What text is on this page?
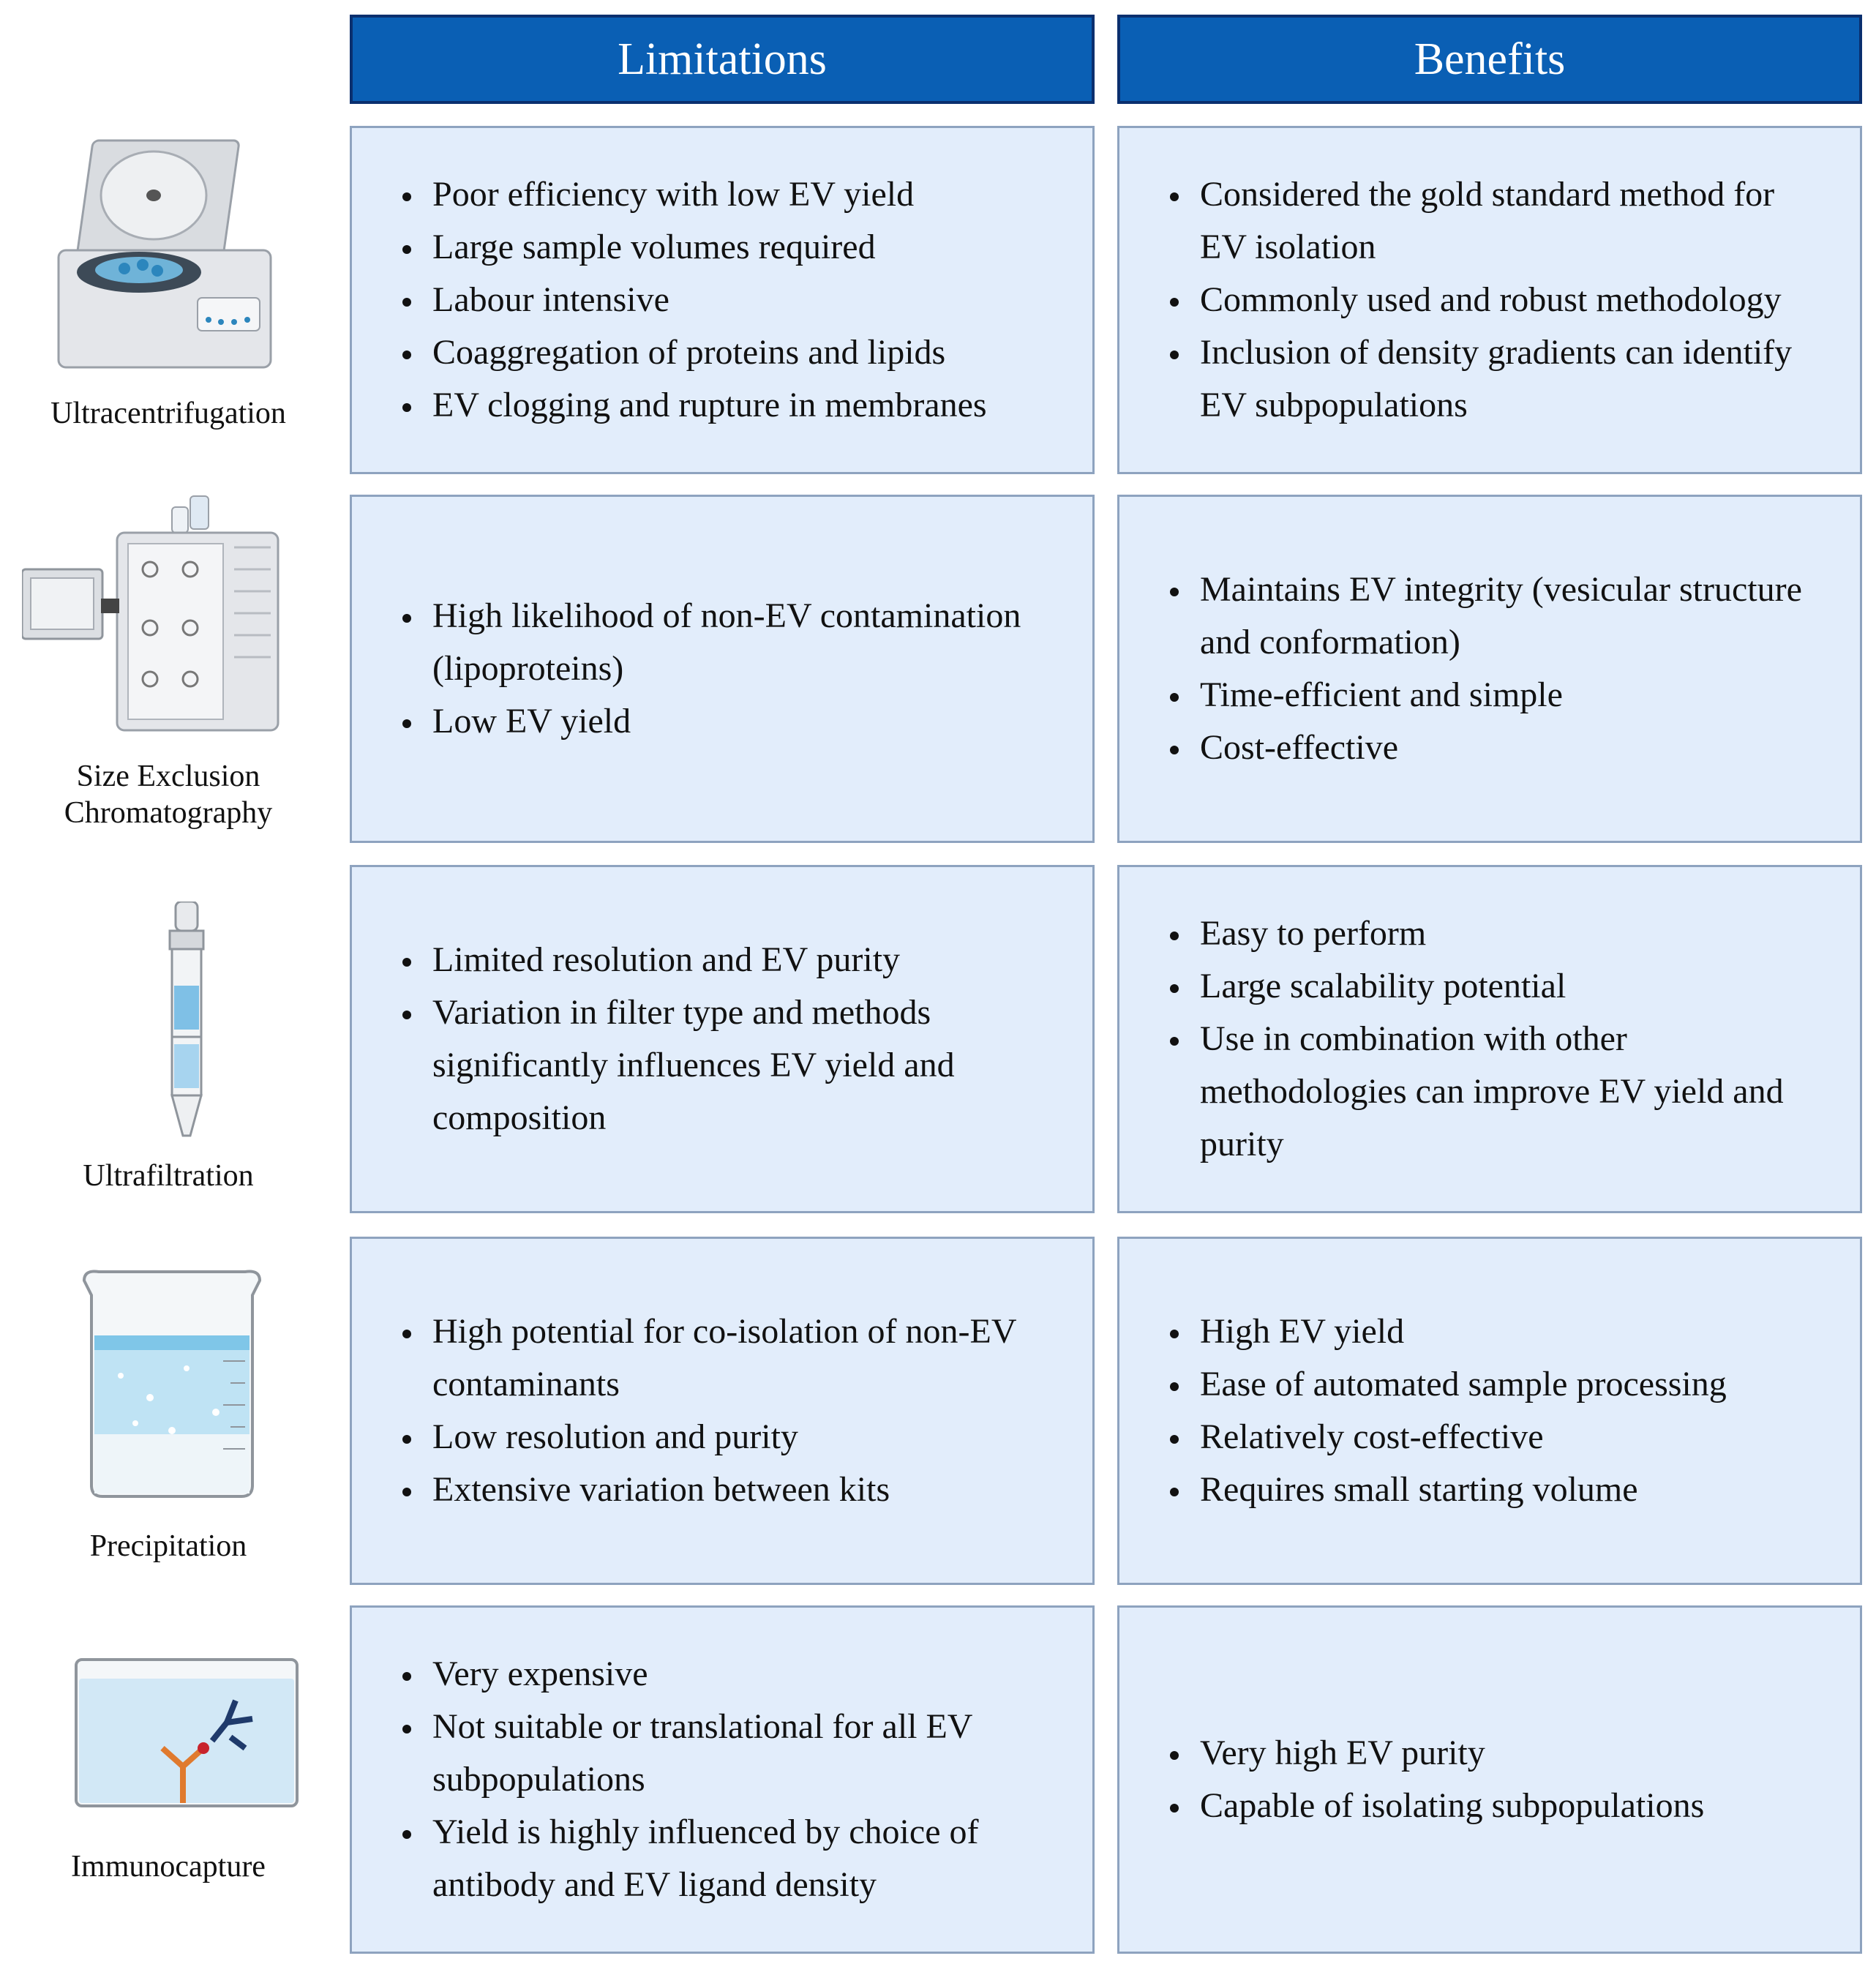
Limitations	Benefits
Ultracentrifugation
• Poor efficiency with low EV yield
• Large sample volumes required
• Labour intensive
• Coaggregation of proteins and lipids
• EV clogging and rupture in membranes
• Considered the gold standard method for EV isolation
• Commonly used and robust methodology
• Inclusion of density gradients can identify EV subpopulations
Size Exclusion Chromatography
• High likelihood of non-EV contamination (lipoproteins)
• Low EV yield
• Maintains EV integrity (vesicular structure and conformation)
• Time-efficient and simple
• Cost-effective
Ultrafiltration
• Limited resolution and EV purity
• Variation in filter type and methods significantly influences EV yield and composition
• Easy to perform
• Large scalability potential
• Use in combination with other methodologies can improve EV yield and purity
Precipitation
• High potential for co-isolation of non-EV contaminants
• Low resolution and purity
• Extensive variation between kits
• High EV yield
• Ease of automated sample processing
• Relatively cost-effective
• Requires small starting volume
Immunocapture
• Very expensive
• Not suitable or translational for all EV subpopulations
• Yield is highly influenced by choice of antibody and EV ligand density
• Very high EV purity
• Capable of isolating subpopulations
